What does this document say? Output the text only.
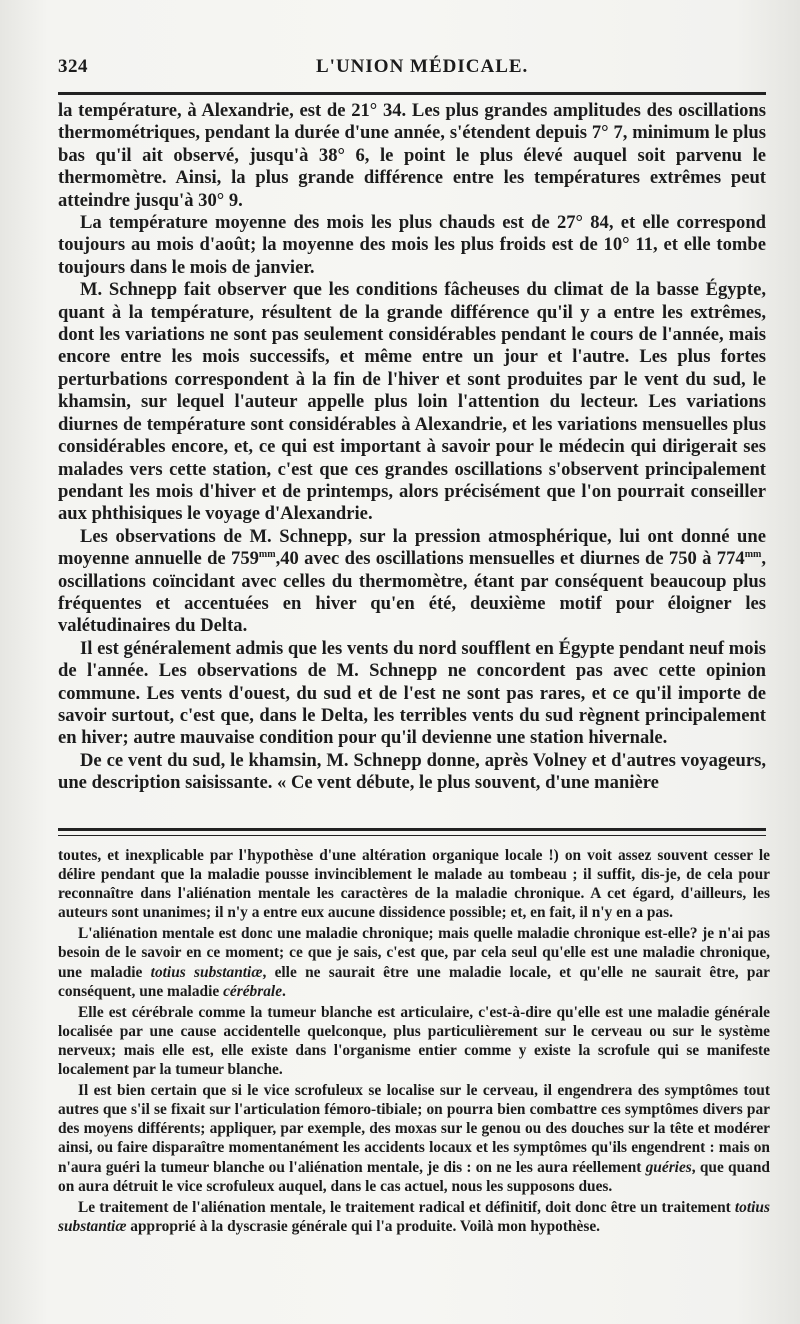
324	L'UNION MÉDICALE.

la température, à Alexandrie, est de 21° 34. Les plus grandes amplitudes des oscillations thermométriques, pendant la durée d'une année, s'étendent depuis 7° 7, minimum le plus bas qu'il ait observé, jusqu'à 38° 6, le point le plus élevé auquel soit parvenu le thermomètre. Ainsi, la plus grande différence entre les températures extrêmes peut atteindre jusqu'à 30° 9.

La température moyenne des mois les plus chauds est de 27° 84, et elle correspond toujours au mois d'août; la moyenne des mois les plus froids est de 10° 11, et elle tombe toujours dans le mois de janvier.

M. Schnepp fait observer que les conditions fâcheuses du climat de la basse Égypte, quant à la température, résultent de la grande différence qu'il y a entre les extrêmes, dont les variations ne sont pas seulement considérables pendant le cours de l'année, mais encore entre les mois successifs, et même entre un jour et l'autre. Les plus fortes perturbations correspondent à la fin de l'hiver et sont produites par le vent du sud, le khamsin, sur lequel l'auteur appelle plus loin l'attention du lecteur. Les variations diurnes de température sont considérables à Alexandrie, et les variations mensuelles plus considérables encore, et, ce qui est important à savoir pour le médecin qui dirigerait ses malades vers cette station, c'est que ces grandes oscillations s'observent principalement pendant les mois d'hiver et de printemps, alors précisément que l'on pourrait conseiller aux phthisiques le voyage d'Alexandrie.

Les observations de M. Schnepp, sur la pression atmosphérique, lui ont donné une moyenne annuelle de $759^{mm},40$ avec des oscillations mensuelles et diurnes de 750 à $774^{mm}$, oscillations coïncidant avec celles du thermomètre, étant par conséquent beaucoup plus fréquentes et accentuées en hiver qu'en été, deuxième motif pour éloigner les valétudinaires du Delta.

Il est généralement admis que les vents du nord soufflent en Égypte pendant neuf mois de l'année. Les observations de M. Schnepp ne concordent pas avec cette opinion commune. Les vents d'ouest, du sud et de l'est ne sont pas rares, et ce qu'il importe de savoir surtout, c'est que, dans le Delta, les terribles vents du sud règnent principalement en hiver; autre mauvaise condition pour qu'il devienne une station hivernale.

De ce vent du sud, le khamsin, M. Schnepp donne, après Volney et d'autres voyageurs, une description saisissante. « Ce vent débute, le plus souvent, d'une manière

toutes, et inexplicable par l'hypothèse d'une altération organique locale !) on voit assez souvent cesser le délire pendant que la maladie pousse invinciblement le malade au tombeau ; il suffit, dis-je, de cela pour reconnaître dans l'aliénation mentale les caractères de la maladie chronique. A cet égard, d'ailleurs, les auteurs sont unanimes; il n'y a entre eux aucune dissidence possible; et, en fait, il n'y en a pas.

L'aliénation mentale est donc une maladie chronique; mais quelle maladie chronique est-elle? je n'ai pas besoin de le savoir en ce moment; ce que je sais, c'est que, par cela seul qu'elle est une maladie chronique, une maladie totius substantiæ, elle ne saurait être une maladie locale, et qu'elle ne saurait être, par conséquent, une maladie cérébrale.

Elle est cérébrale comme la tumeur blanche est articulaire, c'est-à-dire qu'elle est une maladie générale localisée par une cause accidentelle quelconque, plus particulièrement sur le cerveau ou sur le système nerveux; mais elle est, elle existe dans l'organisme entier comme y existe la scrofule qui se manifeste localement par la tumeur blanche.

Il est bien certain que si le vice scrofuleux se localise sur le cerveau, il engendrera des symptômes tout autres que s'il se fixait sur l'articulation fémoro-tibiale; on pourra bien combattre ces symptômes divers par des moyens différents; appliquer, par exemple, des moxas sur le genou ou des douches sur la tête et modérer ainsi, ou faire disparaître momentanément les accidents locaux et les symptômes qu'ils engendrent : mais on n'aura guéri la tumeur blanche ou l'aliénation mentale, je dis : on ne les aura réellement guéries, que quand on aura détruit le vice scrofuleux auquel, dans le cas actuel, nous les supposons dues.

Le traitement de l'aliénation mentale, le traitement radical et définitif, doit donc être un traitement totius substantiæ approprié à la dyscrasie générale qui l'a produite. Voilà mon hypothèse.
